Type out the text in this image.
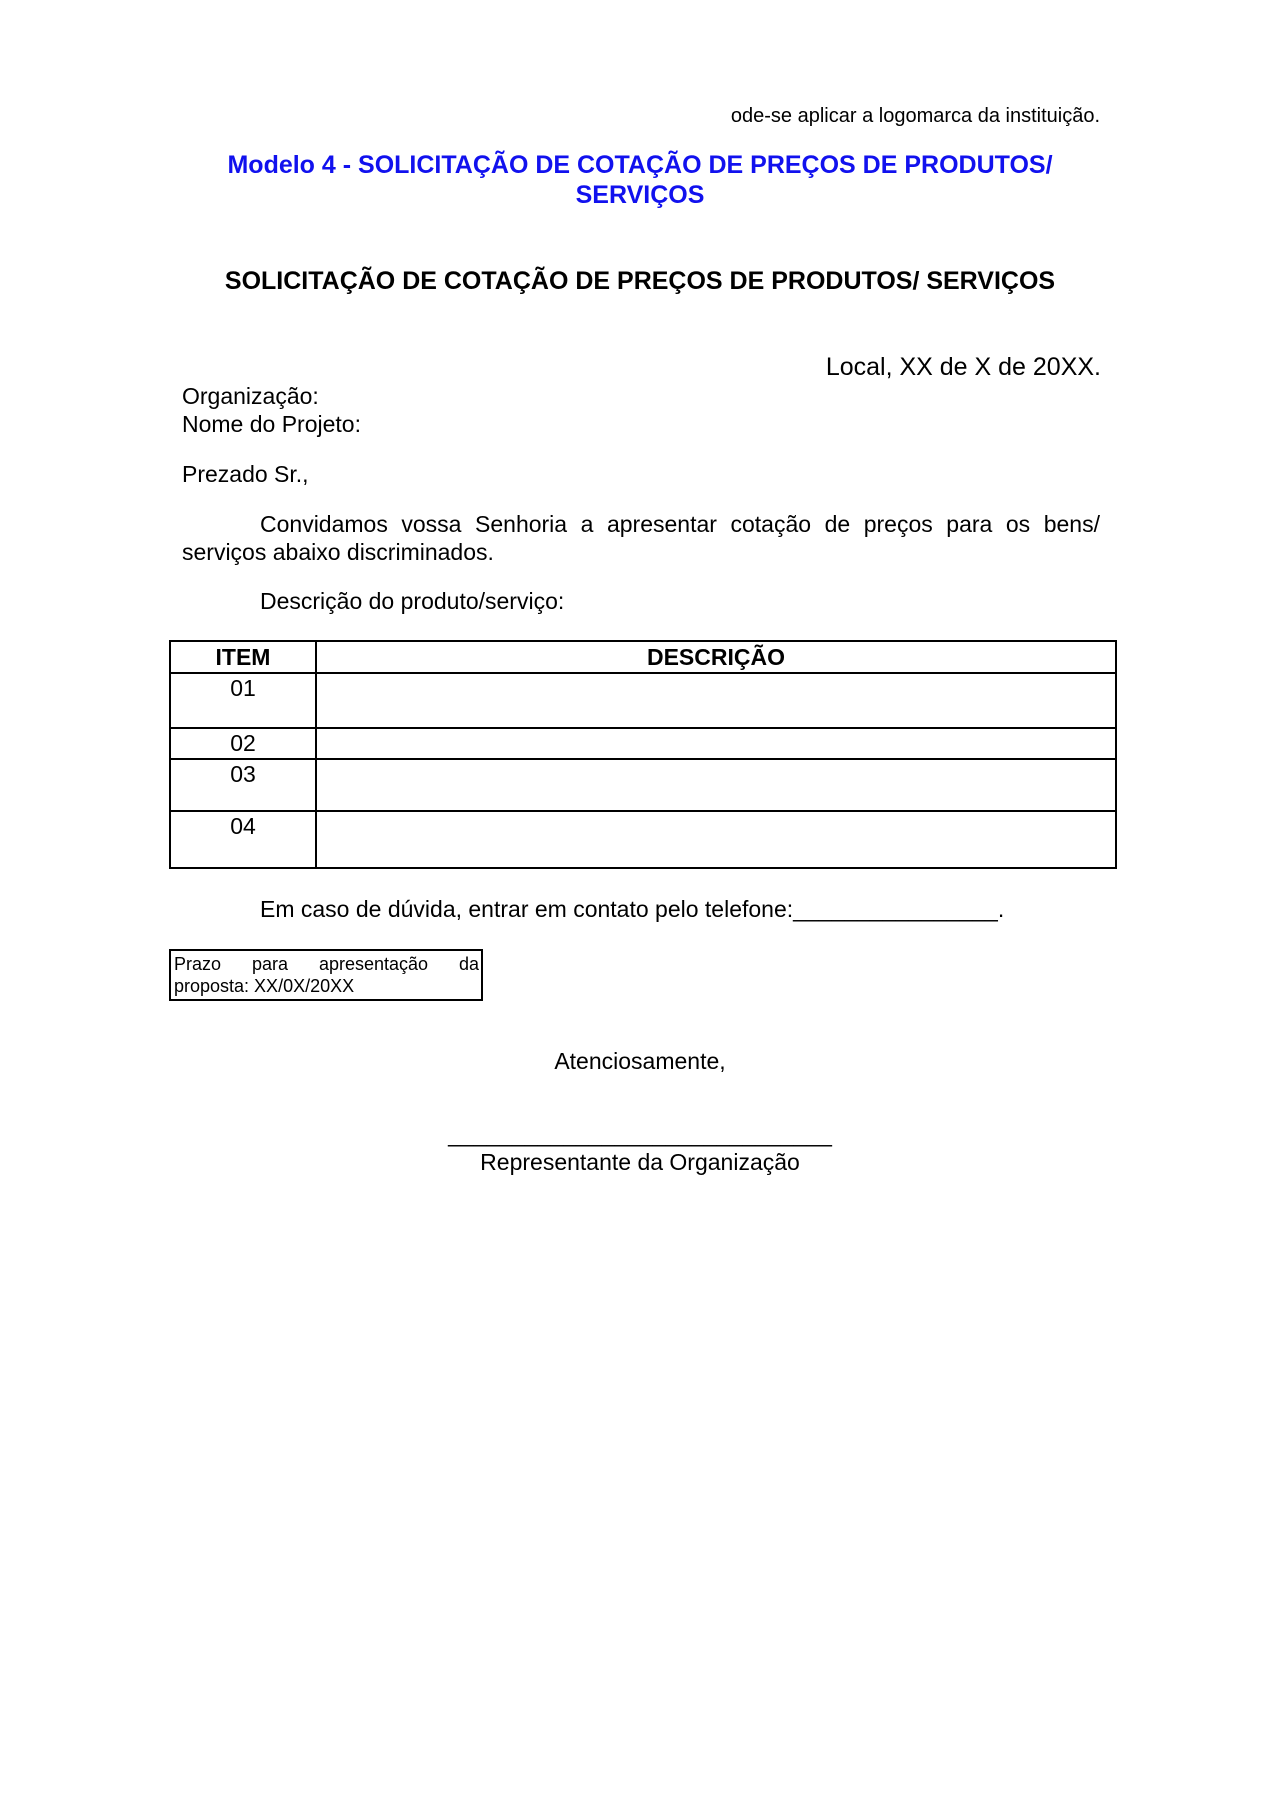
ode-se aplicar a logomarca da instituição.
Modelo 4 - SOLICITAÇÃO DE COTAÇÃO DE PREÇOS DE PRODUTOS/
SERVIÇOS
SOLICITAÇÃO DE COTAÇÃO DE PREÇOS DE PRODUTOS/ SERVIÇOS
Local, XX de X de 20XX.
Organização:
Nome do Projeto:
Prezado Sr.,
Convidamos vossa Senhoria a apresentar cotação de preços para os bens/ serviços abaixo discriminados.
Descrição do produto/serviço:
ITEM	DESCRIÇÃO
01	
02	
03	
04	
Em caso de dúvida, entrar em contato pelo telefone:________________.
Prazo para apresentação da proposta: XX/0X/20XX
Atenciosamente,
______________________________
Representante da Organização
